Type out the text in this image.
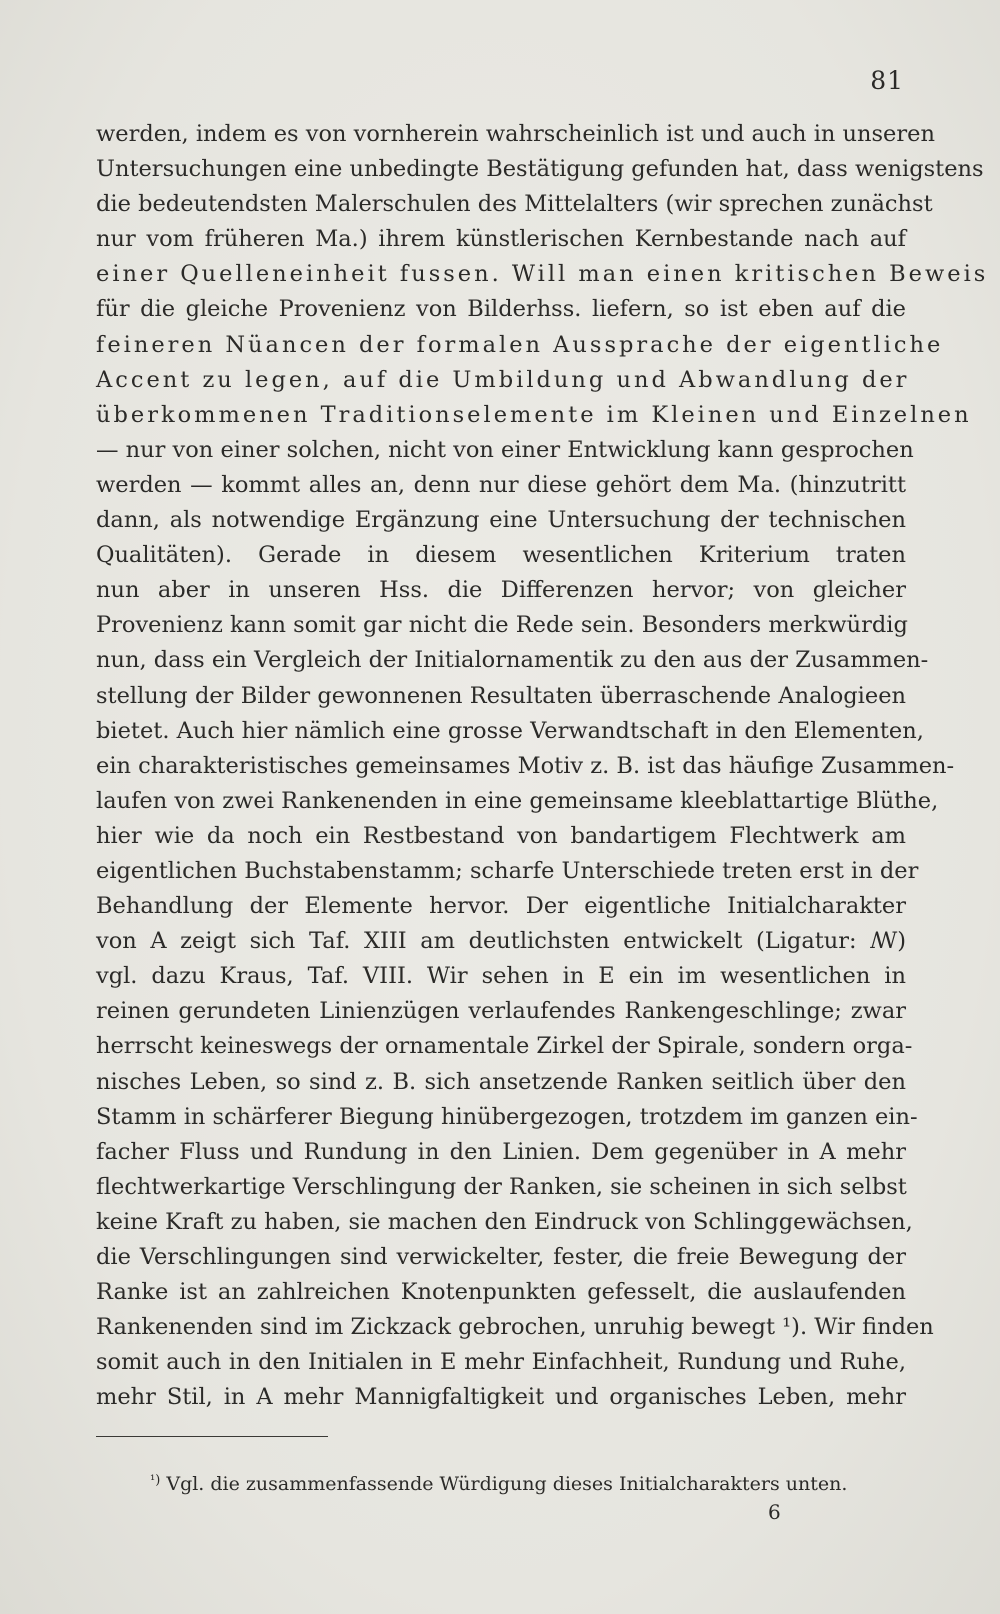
81
werden, indem es von vornherein wahrscheinlich ist und auch in unseren
Untersuchungen eine unbedingte Bestätigung gefunden hat, dass wenigstens
die bedeutendsten Malerschulen des Mittelalters (wir sprechen zunächst
nur vom früheren Ma.) ihrem künstlerischen Kernbestande nach auf
einer Quelleneinheit fussen. Will man einen kritischen Beweis
für die gleiche Provenienz von Bilderhss. liefern, so ist eben auf die
feineren Nüancen der formalen Aussprache der eigentliche
Accent zu legen, auf die Umbildung und Abwandlung der
überkommenen Traditionselemente im Kleinen und Einzelnen
— nur von einer solchen, nicht von einer Entwicklung kann gesprochen
werden — kommt alles an, denn nur diese gehört dem Ma. (hinzutritt
dann, als notwendige Ergänzung eine Untersuchung der technischen
Qualitäten). Gerade in diesem wesentlichen Kriterium traten
nun aber in unseren Hss. die Differenzen hervor; von gleicher
Provenienz kann somit gar nicht die Rede sein. Besonders merkwürdig
nun, dass ein Vergleich der Initialornamentik zu den aus der Zusammen-
stellung der Bilder gewonnenen Resultaten überraschende Analogieen
bietet. Auch hier nämlich eine grosse Verwandtschaft in den Elementen,
ein charakteristisches gemeinsames Motiv z. B. ist das häufige Zusammen-
laufen von zwei Rankenenden in eine gemeinsame kleeblattartige Blüthe,
hier wie da noch ein Restbestand von bandartigem Flechtwerk am
eigentlichen Buchstabenstamm; scharfe Unterschiede treten erst in der
Behandlung der Elemente hervor. Der eigentliche Initialcharakter
von A zeigt sich Taf. XIII am deutlichsten entwickelt (Ligatur: ꟿ)
vgl. dazu Kraus, Taf. VIII. Wir sehen in E ein im wesentlichen in
reinen gerundeten Linienzügen verlaufendes Rankengeschlinge; zwar
herrscht keineswegs der ornamentale Zirkel der Spirale, sondern orga-
nisches Leben, so sind z. B. sich ansetzende Ranken seitlich über den
Stamm in schärferer Biegung hinübergezogen, trotzdem im ganzen ein-
facher Fluss und Rundung in den Linien. Dem gegenüber in A mehr
flechtwerkartige Verschlingung der Ranken, sie scheinen in sich selbst
keine Kraft zu haben, sie machen den Eindruck von Schlinggewächsen,
die Verschlingungen sind verwickelter, fester, die freie Bewegung der
Ranke ist an zahlreichen Knotenpunkten gefesselt, die auslaufenden
Rankenenden sind im Zickzack gebrochen, unruhig bewegt ¹). Wir finden
somit auch in den Initialen in E mehr Einfachheit, Rundung und Ruhe,
mehr Stil, in A mehr Mannigfaltigkeit und organisches Leben, mehr
$^{^1)}$ Vgl. die zusammenfassende Würdigung dieses Initialcharakters unten.
6
